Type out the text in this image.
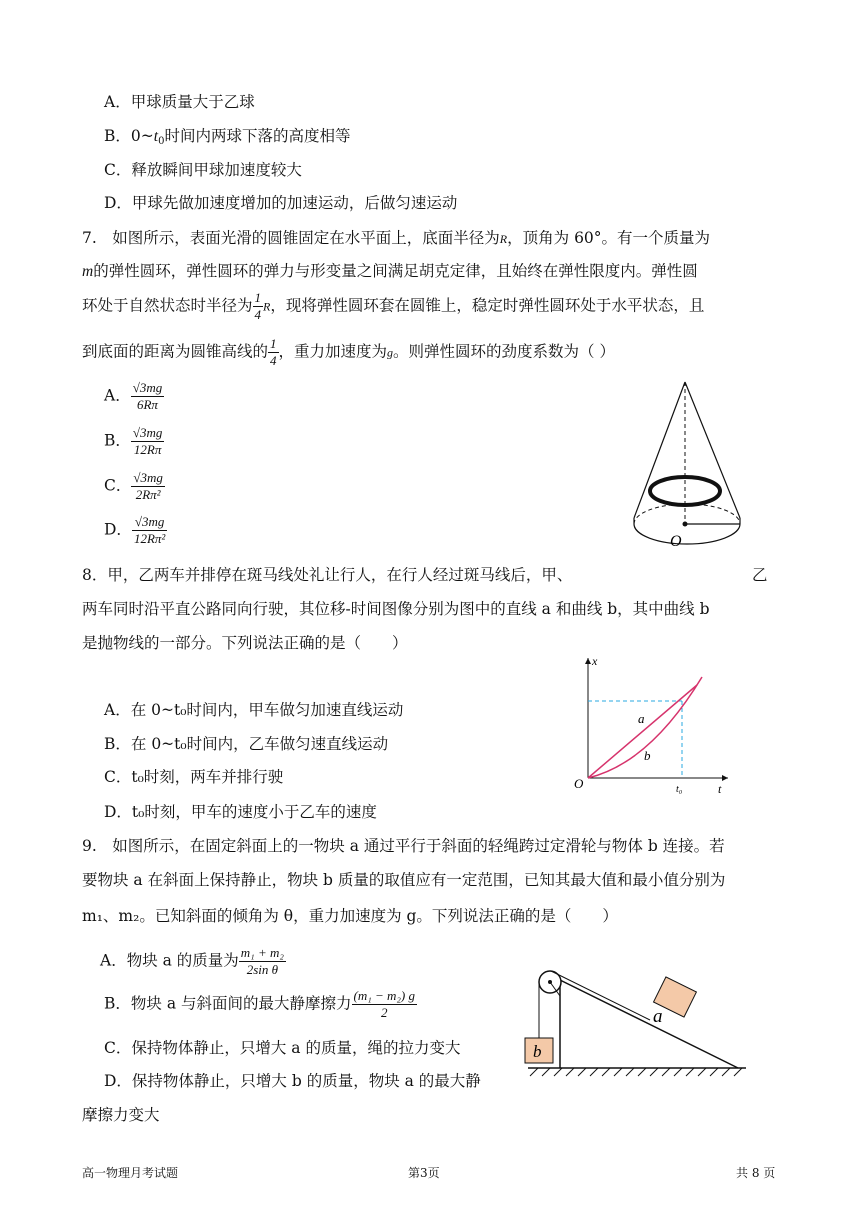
A．甲球质量大于乙球
B．$0\sim t_0$时间内两球下落的高度相等
C．释放瞬间甲球加速度较大
D．甲球先做加速度增加的加速运动，后做匀速运动
7.　如图所示，表面光滑的圆锥固定在水平面上，底面半径为R，顶角为 60°。有一个质量为
m的弹性圆环，弹性圆环的弹力与形变量之间满足胡克定律，且始终在弹性限度内。弹性圆
环处于自然状态时半径为 $\frac{1}{4}$ R，现将弹性圆环套在圆锥上，稳定时弹性圆环处于水平状态，且
到底面的距离为圆锥高线的 $\frac{1}{4}$ ，重力加速度为g。则弹性圆环的劲度系数为（ ）
A． $\frac{√3mg}{6R\pi}$
B． $\frac{√3mg}{12R\pi}$
C． $\frac{√3mg}{\text{2Rπ²}}$
D． $\frac{√3mg}{\text{12Rπ²}}$	O
8．甲，乙两车并排停在斑马线处礼让行人，在行人经过斑马线后，甲、	乙
两车同时沿平直公路同向行驶，其位移-时间图像分别为图中的直线 a 和曲线 b，其中曲线 b
是抛物线的一部分。下列说法正确的是（　　）
A．在 0~t₀时间内，甲车做匀加速直线运动
B．在 0~t₀时间内，乙车做匀速直线运动
C．t₀时刻，两车并排行驶
D．t₀时刻，甲车的速度小于乙车的速度
a
b
O	t
x
t₀
9.　如图所示，在固定斜面上的一物块 a 通过平行于斜面的轻绳跨过定滑轮与物体 b 连接。若
要物块 a 在斜面上保持静止，物块 b 质量的取值应有一定范围，已知其最大值和最小值分别为
m₁、m₂。已知斜面的倾角为 θ，重力加速度为 g。下列说法正确的是（　　）
A．物块 a 的质量为 $\frac{\text{m₁ + m₂}}{\text{2sin θ}}$
B．物块 a 与斜面间的最大静摩擦力 $\frac{\text{(m₁ − m₂) g}}{2}$
C．保持物体静止，只增大 a 的质量，绳的拉力变大
D．保持物体静止，只增大 b 的质量，物块 a 的最大静
摩擦力变大
b
a
高一物理月考试题	第3页	共 8 页
